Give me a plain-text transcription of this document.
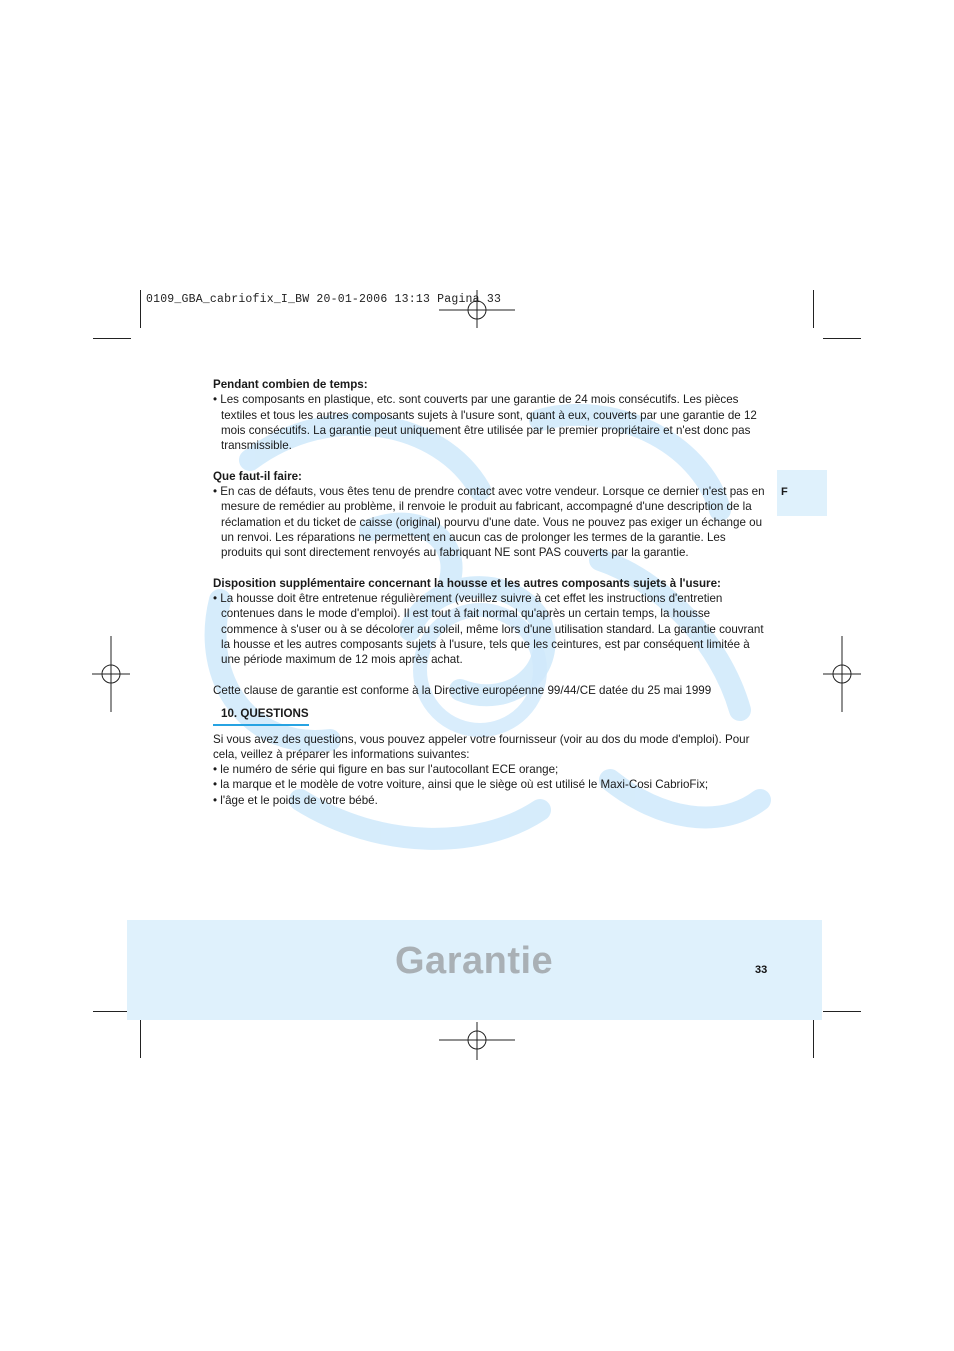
0109_GBA_cabriofix_I_BW 20-01-2006 13:13 Pagina 33
F

Pendant combien de temps:

• Les composants en plastique, etc. sont couverts par une garantie de 24 mois consécutifs. Les pièces textiles et tous les autres composants sujets à l'usure sont, quant à eux, couverts par une garantie de 12 mois consécutifs. La garantie peut uniquement être utilisée par le premier propriétaire et n'est donc pas transmissible.

Que faut-il faire:

• En cas de défauts, vous êtes tenu de prendre contact avec votre vendeur. Lorsque ce dernier n'est pas en mesure de remédier au problème, il renvoie le produit au fabricant, accompagné d'une description de la réclamation et du ticket de caisse (original) pourvu d'une date. Vous ne pouvez pas exiger un échange ou un renvoi. Les réparations ne permettent en aucun cas de prolonger les termes de la garantie. Les produits qui sont directement renvoyés au fabriquant NE sont PAS couverts par la garantie.

Disposition supplémentaire concernant la housse et les autres composants sujets à l'usure:

• La housse doit être entretenue régulièrement (veuillez suivre à cet effet les instructions d'entretien contenues dans le mode d'emploi). Il est tout à fait normal qu'après un certain temps, la housse commence à s'user ou à se décolorer au soleil, même lors d'une utilisation standard. La garantie couvrant la housse et les autres composants sujets à l'usure, tels que les ceintures, est par conséquent limitée à une période maximum de 12 mois après achat.

Cette clause de garantie est conforme à la Directive européenne 99/44/CE datée du 25 mai 1999

10. QUESTIONS

Si vous avez des questions, vous pouvez appeler votre fournisseur (voir au dos du mode d'emploi). Pour cela, veillez à préparer les informations suivantes:

• le numéro de série qui figure en bas sur l'autocollant ECE orange;

• la marque et le modèle de votre voiture, ainsi que le siège où est utilisé le Maxi-Cosi CabrioFix;

• l'âge et le poids de votre bébé.

Garantie	33
